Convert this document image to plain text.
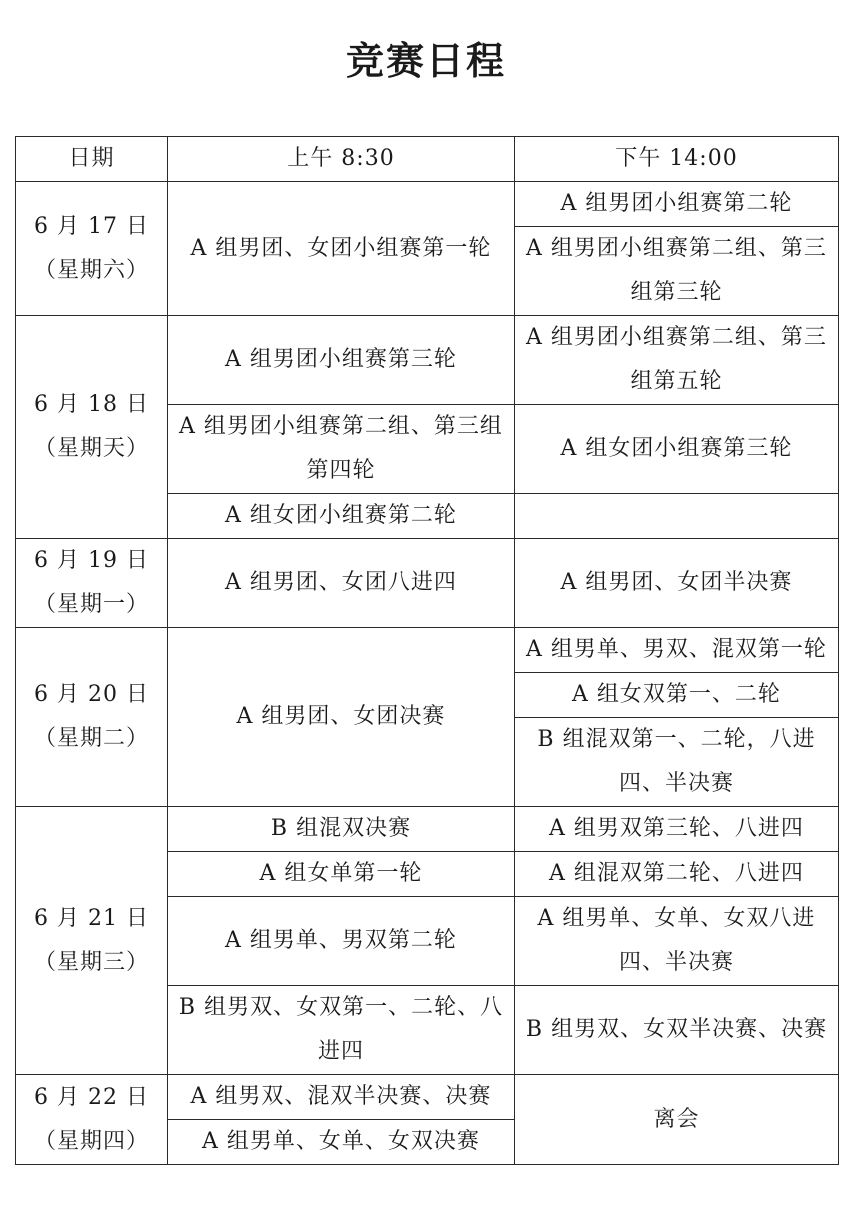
竞赛日程
日期	上午 8:30	下午 14:00

6 月 17 日
（星期六）	A 组男团、女团小组赛第一轮	A 组男团小组赛第二轮
		A 组男团小组赛第二组、第三组第三轮

6 月 18 日
（星期天）	A 组男团小组赛第三轮	A 组男团小组赛第二组、第三组第五轮

	A 组男团小组赛第二组、第三组第四轮	A 组女团小组赛第三轮

	A 组女团小组赛第二轮	

6 月 19 日
（星期一）	A 组男团、女团八进四	A 组男团、女团半决赛

6 月 20 日
（星期二）	A 组男团、女团决赛	A 组男单、男双、混双第一轮

		A 组女双第一、二轮
		B 组混双第一、二轮，八进四、半决赛

6 月 21 日
（星期三）	B 组混双决赛	A 组男双第三轮、八进四
	A 组女单第一轮	A 组混双第二轮、八进四
	A 组男单、男双第二轮	A 组男单、女单、女双八进四、半决赛

	B 组男双、女双第一、二轮、八进四	B 组男双、女双半决赛、决赛

6 月 22 日
（星期四）	A 组男双、混双半决赛、决赛	离会
	A 组男单、女单、女双决赛	
